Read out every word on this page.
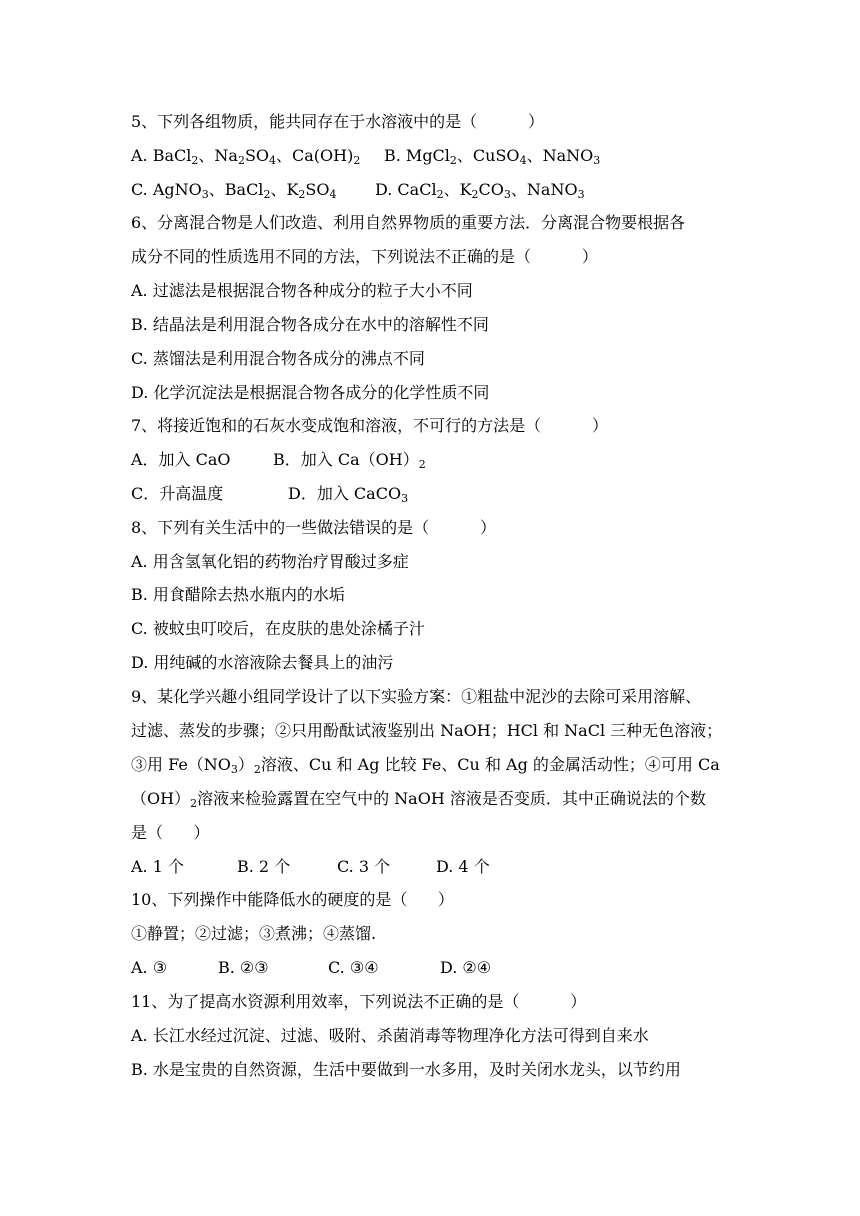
5、下列各组物质，能共同存在于水溶液中的是（          ）
A. BaCl$_2$、$Na_2SO_4$、$Ca(OH)_2$ B. MgCl$_2$、CuSO$_4$、NaNO$_3$
C. AgNO$_3$、BaCl$_2$、$K_2SO_4$ D. CaCl$_2$、$K_2CO_3$、NaNO$_3$
6、分离混合物是人们改造、利用自然界物质的重要方法．分离混合物要根据各
成分不同的性质选用不同的方法，下列说法不正确的是（          ）
A. 过滤法是根据混合物各种成分的粒子大小不同
B. 结晶法是利用混合物各成分在水中的溶解性不同
C. 蒸馏法是利用混合物各成分的沸点不同
D. 化学沉淀法是根据混合物各成分的化学性质不同
7、将接近饱和的石灰水变成饱和溶液，不可行的方法是（          ）
A．加入 CaO	B．加入 $Ca(OH)_2$
C．升高温度	D．加入 CaCO$_3$
8、下列有关生活中的一些做法错误的是（          ）
A. 用含氢氧化铝的药物治疗胃酸过多症
B. 用食醋除去热水瓶内的水垢
C. 被蚊虫叮咬后，在皮肤的患处涂橘子汁
D. 用纯碱的水溶液除去餐具上的油污
9、某化学兴趣小组同学设计了以下实验方案：①粗盐中泥沙的去除可采用溶解、
过滤、蒸发的步骤；②只用酚酞试液鉴别出 NaOH；HCl 和 NaCl 三种无色溶液；
③用 $Fe(NO_3)_2$溶液、Cu 和 Ag 比较 Fe、Cu 和 Ag 的金属活动性；④可用 Ca
$(OH)_2$溶液来检验露置在空气中的 NaOH 溶液是否变质．其中正确说法的个数
是（      ）
A. 1 个	B. 2 个	C. 3 个	D. 4 个
10、下列操作中能降低水的硬度的是（      ）
①静置；②过滤；③煮沸；④蒸馏.
A. ③	B. ②③	C. ③④	D. ②④
11、为了提高水资源利用效率，下列说法不正确的是（          ）
A. 长江水经过沉淀、过滤、吸附、杀菌消毒等物理净化方法可得到自来水
B. 水是宝贵的自然资源，生活中要做到一水多用，及时关闭水龙头，以节约用
